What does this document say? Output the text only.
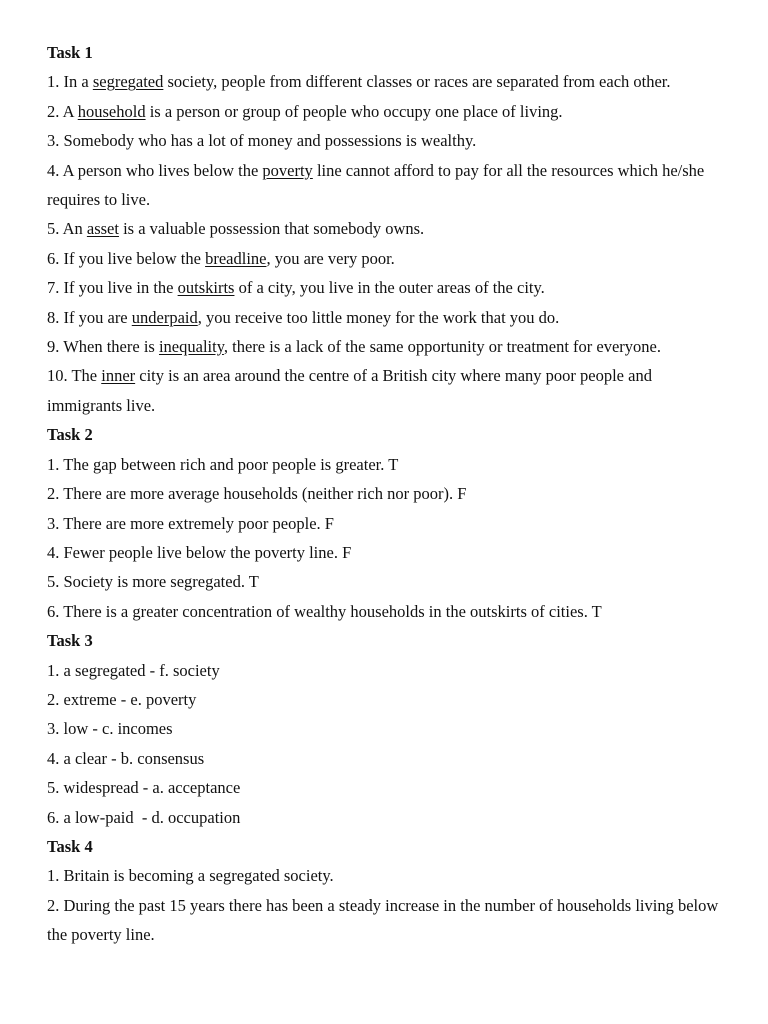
Task 1

1. In a segregated society, people from different classes or races are separated from each other.

2. A household is a person or group of people who occupy one place of living.

3. Somebody who has a lot of money and possessions is wealthy.

4. A person who lives below the poverty line cannot afford to pay for all the resources which he/she requires to live.

5. An asset is a valuable possession that somebody owns.

6. If you live below the breadline, you are very poor.

7. If you live in the outskirts of a city, you live in the outer areas of the city.

8. If you are underpaid, you receive too little money for the work that you do.

9. When there is inequality, there is a lack of the same opportunity or treatment for everyone.

10. The inner city is an area around the centre of a British city where many poor people and immigrants live.

Task 2

1. The gap between rich and poor people is greater. T

2. There are more average households (neither rich nor poor). F

3. There are more extremely poor people. F

4. Fewer people live below the poverty line. F

5. Society is more segregated. T

6. There is a greater concentration of wealthy households in the outskirts of cities. T

Task 3

1. a segregated - f. society

2. extreme - e. poverty

3. low - c. incomes

4. a clear - b. consensus

5. widespread - a. acceptance

6. a low-paid  - d. occupation

Task 4

1. Britain is becoming a segregated society.

2. During the past 15 years there has been a steady increase in the number of households living below the poverty line.
